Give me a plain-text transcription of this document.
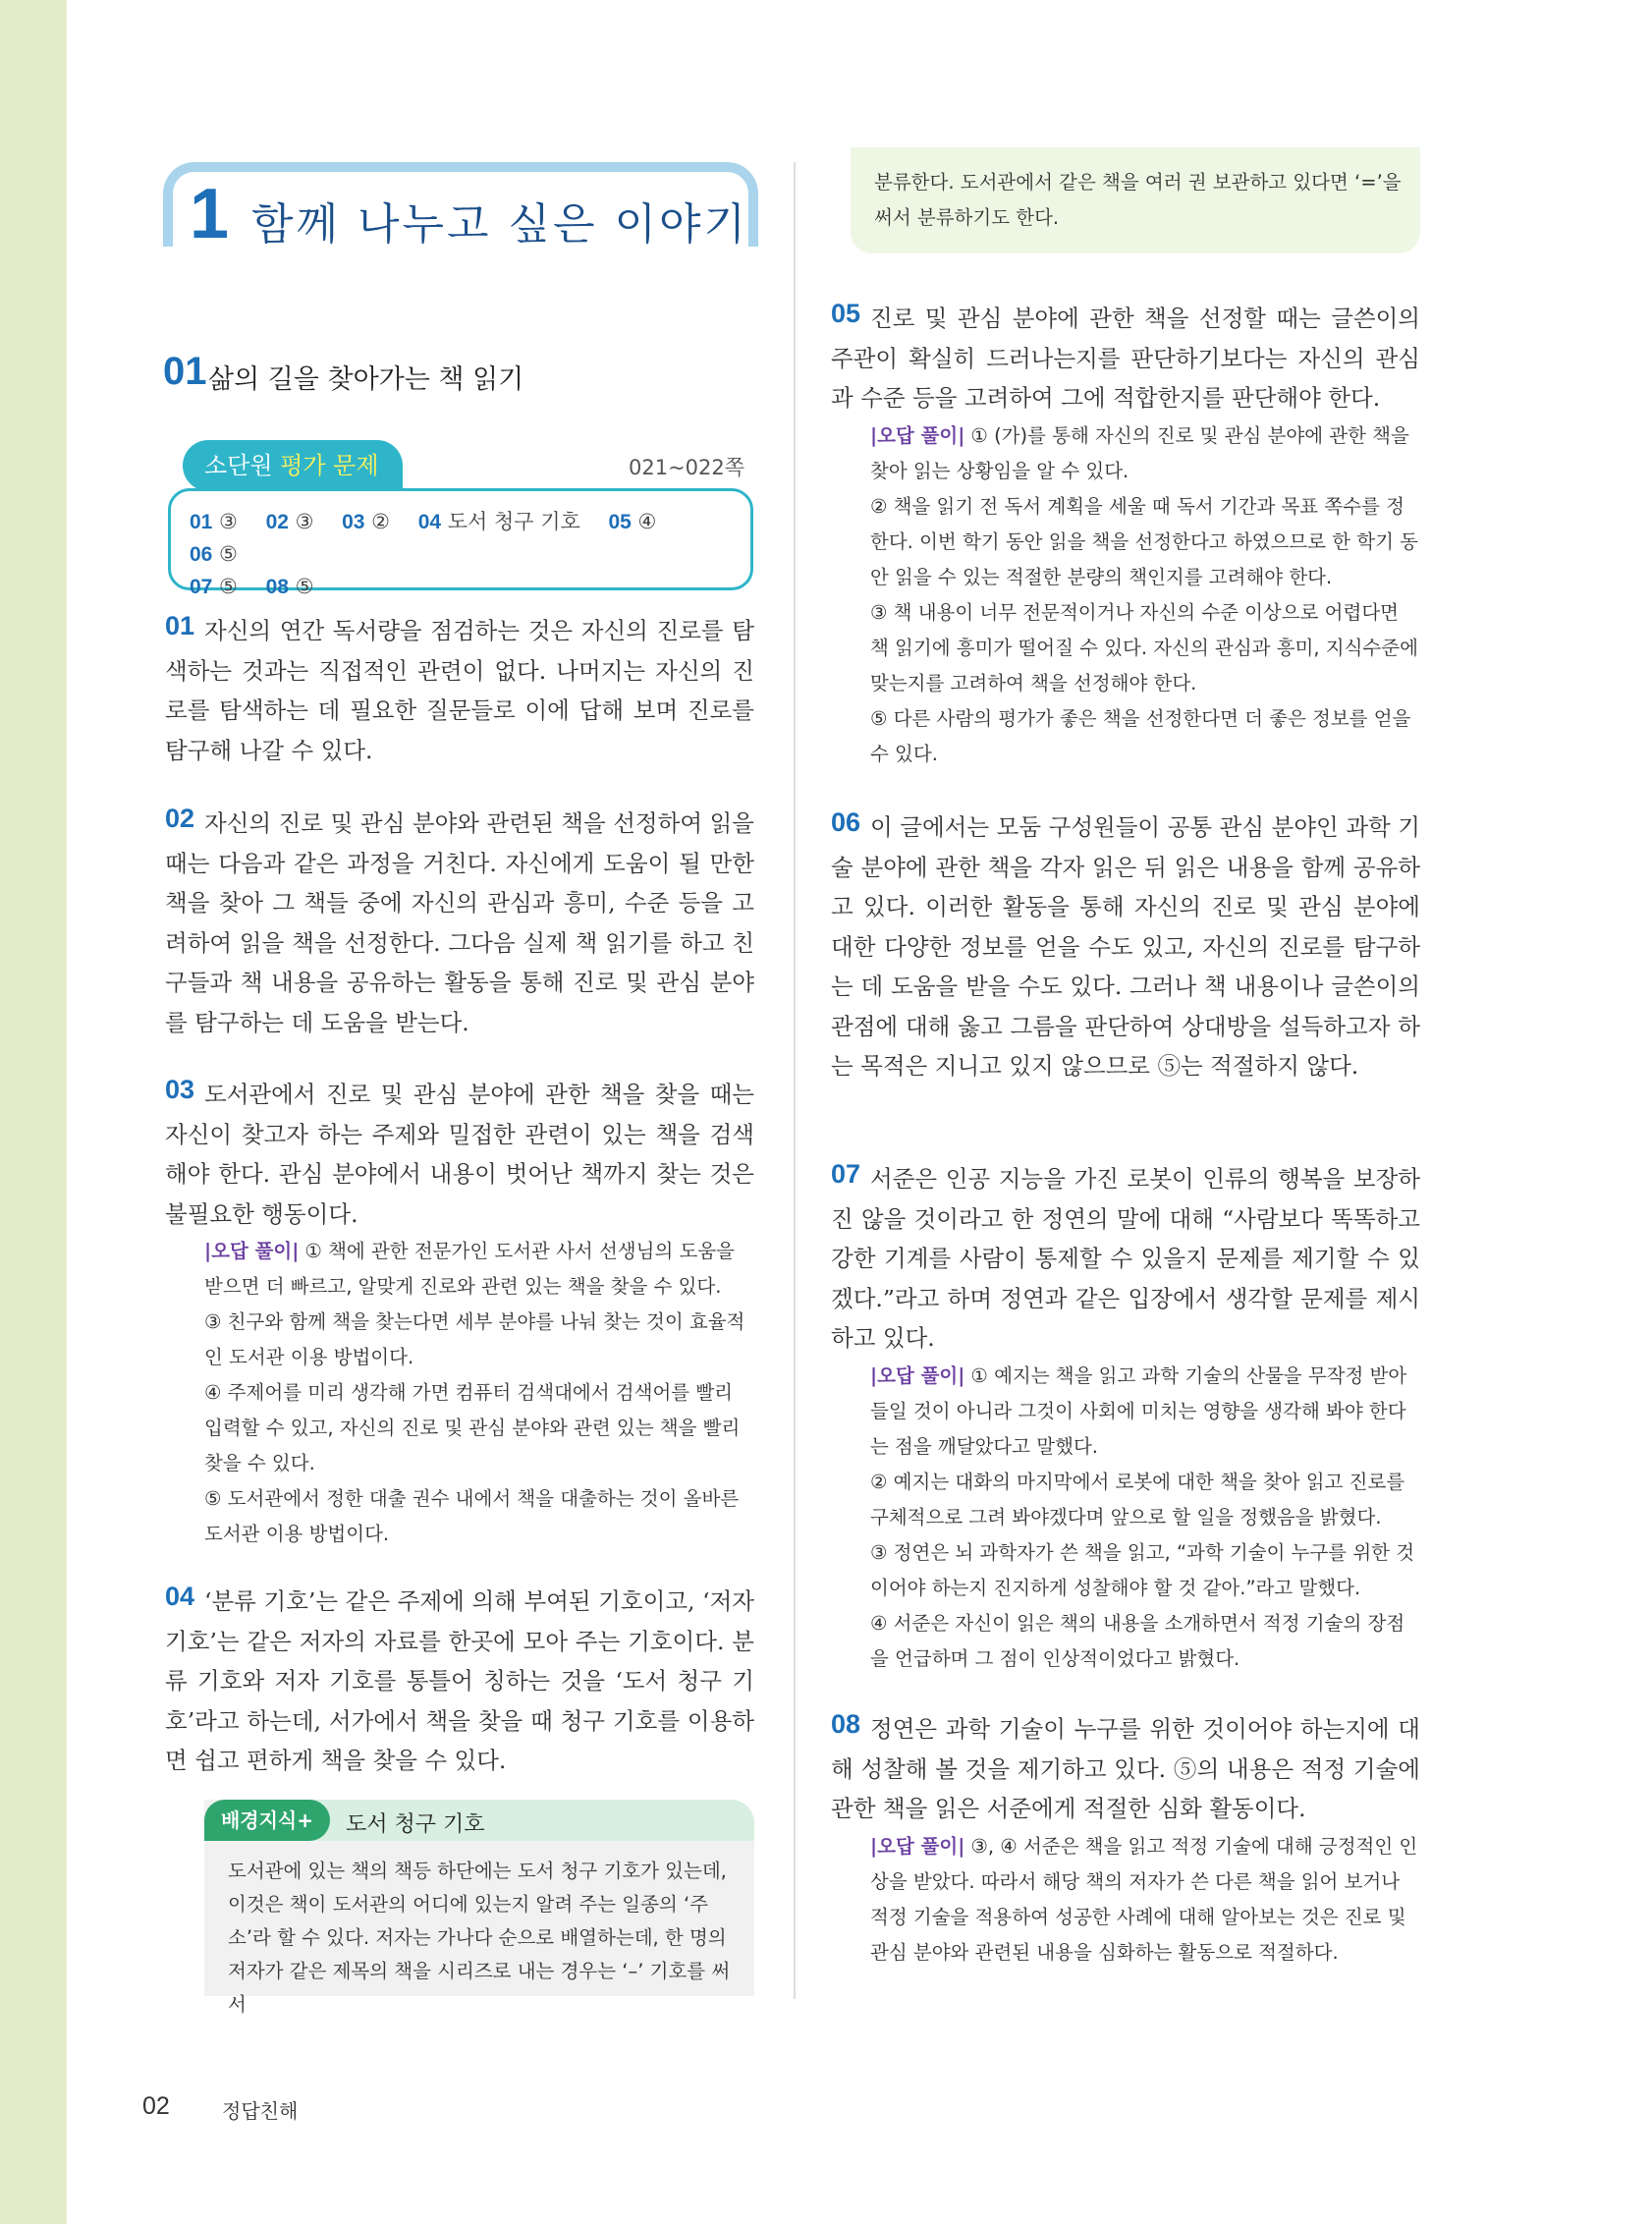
1 함께 나누고 싶은 이야기
01 삶의 길을 찾아가는 책 읽기
소단원 평가 문제	021~022쪽
01 ③ 02 ③ 03 ② 04 도서 청구 기호 05 ④ 06 ⑤
07 ⑤ 08 ⑤
01 자신의 연간 독서량을 점검하는 것은 자신의 진로를 탐색하는 것과는 직접적인 관련이 없다. 나머지는 자신의 진로를 탐색하는 데 필요한 질문들로 이에 답해 보며 진로를 탐구해 나갈 수 있다.

02 자신의 진로 및 관심 분야와 관련된 책을 선정하여 읽을 때는 다음과 같은 과정을 거친다. 자신에게 도움이 될 만한 책을 찾아 그 책들 중에 자신의 관심과 흥미, 수준 등을 고려하여 읽을 책을 선정한다. 그다음 실제 책 읽기를 하고 친구들과 책 내용을 공유하는 활동을 통해 진로 및 관심 분야를 탐구하는 데 도움을 받는다.

03 도서관에서 진로 및 관심 분야에 관한 책을 찾을 때는 자신이 찾고자 하는 주제와 밀접한 관련이 있는 책을 검색해야 한다. 관심 분야에서 내용이 벗어난 책까지 찾는 것은 불필요한 행동이다.

|오답 풀이| ① 책에 관한 전문가인 도서관 사서 선생님의 도움을 받으면 더 빠르고, 알맞게 진로와 관련 있는 책을 찾을 수 있다.

③ 친구와 함께 책을 찾는다면 세부 분야를 나눠 찾는 것이 효율적인 도서관 이용 방법이다.

④ 주제어를 미리 생각해 가면 컴퓨터 검색대에서 검색어를 빨리 입력할 수 있고, 자신의 진로 및 관심 분야와 관련 있는 책을 빨리 찾을 수 있다.

⑤ 도서관에서 정한 대출 권수 내에서 책을 대출하는 것이 올바른 도서관 이용 방법이다.

04 ‘분류 기호’는 같은 주제에 의해 부여된 기호이고, ‘저자 기호’는 같은 저자의 자료를 한곳에 모아 주는 기호이다. 분류 기호와 저자 기호를 통틀어 칭하는 것을 ‘도서 청구 기호’라고 하는데, 서가에서 책을 찾을 때 청구 기호를 이용하면 쉽고 편하게 책을 찾을 수 있다.

배경지식+	도서 청구 기호

도서관에 있는 책의 책등 하단에는 도서 청구 기호가 있는데, 이것은 책이 도서관의 어디에 있는지 알려 주는 일종의 ‘주소’라 할 수 있다. 저자는 가나다 순으로 배열하는데, 한 명의 저자가 같은 제목의 책을 시리즈로 내는 경우는 ‘–’ 기호를 써서

분류한다. 도서관에서 같은 책을 여러 권 보관하고 있다면 ‘=’을 써서 분류하기도 한다.

05 진로 및 관심 분야에 관한 책을 선정할 때는 글쓴이의 주관이 확실히 드러나는지를 판단하기보다는 자신의 관심과 수준 등을 고려하여 그에 적합한지를 판단해야 한다.

|오답 풀이| ① (가)를 통해 자신의 진로 및 관심 분야에 관한 책을 찾아 읽는 상황임을 알 수 있다.

② 책을 읽기 전 독서 계획을 세울 때 독서 기간과 목표 쪽수를 정한다. 이번 학기 동안 읽을 책을 선정한다고 하였으므로 한 학기 동안 읽을 수 있는 적절한 분량의 책인지를 고려해야 한다.

③ 책 내용이 너무 전문적이거나 자신의 수준 이상으로 어렵다면 책 읽기에 흥미가 떨어질 수 있다. 자신의 관심과 흥미, 지식수준에 맞는지를 고려하여 책을 선정해야 한다.

⑤ 다른 사람의 평가가 좋은 책을 선정한다면 더 좋은 정보를 얻을 수 있다.

06 이 글에서는 모둠 구성원들이 공통 관심 분야인 과학 기술 분야에 관한 책을 각자 읽은 뒤 읽은 내용을 함께 공유하고 있다. 이러한 활동을 통해 자신의 진로 및 관심 분야에 대한 다양한 정보를 얻을 수도 있고, 자신의 진로를 탐구하는 데 도움을 받을 수도 있다. 그러나 책 내용이나 글쓴이의 관점에 대해 옳고 그름을 판단하여 상대방을 설득하고자 하는 목적은 지니고 있지 않으므로 ⑤는 적절하지 않다.

07 서준은 인공 지능을 가진 로봇이 인류의 행복을 보장하진 않을 것이라고 한 정연의 말에 대해 “사람보다 똑똑하고 강한 기계를 사람이 통제할 수 있을지 문제를 제기할 수 있겠다.”라고 하며 정연과 같은 입장에서 생각할 문제를 제시하고 있다.

|오답 풀이| ① 예지는 책을 읽고 과학 기술의 산물을 무작정 받아들일 것이 아니라 그것이 사회에 미치는 영향을 생각해 봐야 한다는 점을 깨달았다고 말했다.

② 예지는 대화의 마지막에서 로봇에 대한 책을 찾아 읽고 진로를 구체적으로 그려 봐야겠다며 앞으로 할 일을 정했음을 밝혔다.

③ 정연은 뇌 과학자가 쓴 책을 읽고, “과학 기술이 누구를 위한 것이어야 하는지 진지하게 성찰해야 할 것 같아.”라고 말했다.

④ 서준은 자신이 읽은 책의 내용을 소개하면서 적정 기술의 장점을 언급하며 그 점이 인상적이었다고 밝혔다.

08 정연은 과학 기술이 누구를 위한 것이어야 하는지에 대해 성찰해 볼 것을 제기하고 있다. ⑤의 내용은 적정 기술에 관한 책을 읽은 서준에게 적절한 심화 활동이다.

|오답 풀이| ③, ④ 서준은 책을 읽고 적정 기술에 대해 긍정적인 인상을 받았다. 따라서 해당 책의 저자가 쓴 다른 책을 읽어 보거나 적정 기술을 적용하여 성공한 사례에 대해 알아보는 것은 진로 및 관심 분야와 관련된 내용을 심화하는 활동으로 적절하다.

02	정답친해
